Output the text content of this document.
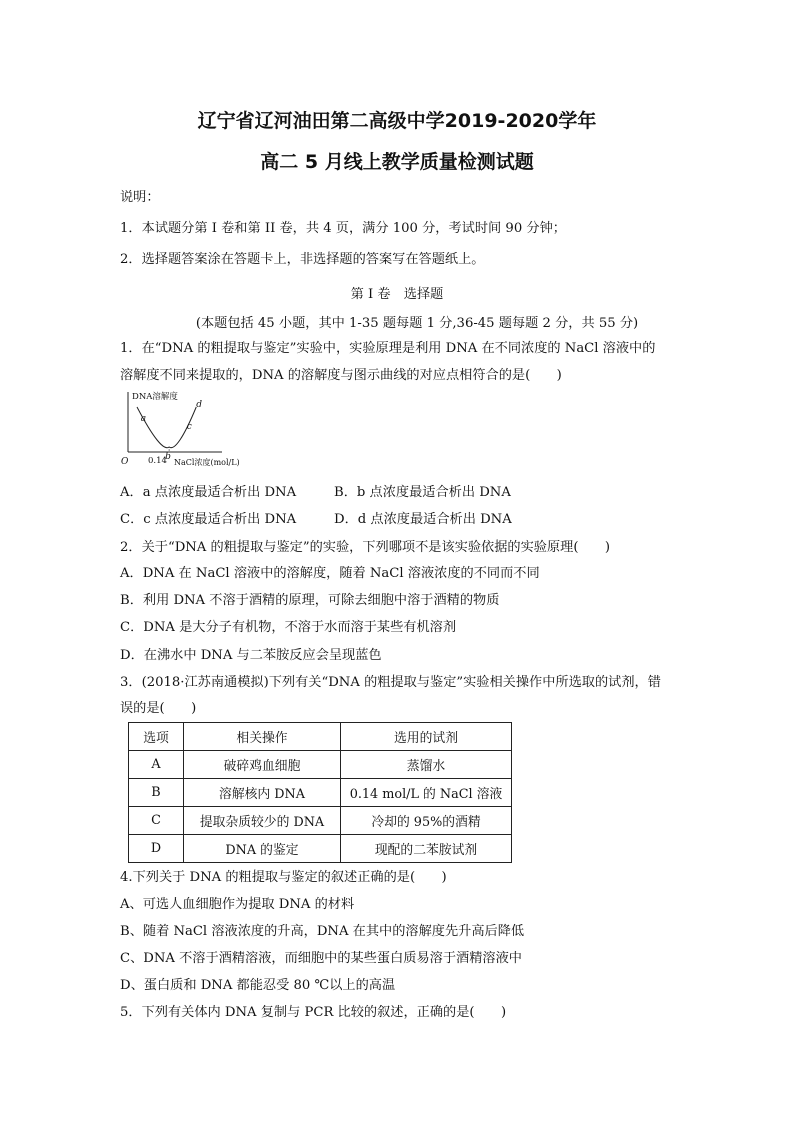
辽宁省辽河油田第二高级中学2019-2020学年
高二 5 月线上教学质量检测试题
说明：
1．本试题分第 I 卷和第 II 卷，共 4 页，满分 100 分，考试时间 90 分钟；
2．选择题答案涂在答题卡上，非选择题的答案写在答题纸上。
第 I 卷　选择题
(本题包括 45 小题，其中 1-35 题每题 1 分,36-45 题每题 2 分，共 55 分)
1．在“DNA 的粗提取与鉴定”实验中，实验原理是利用 DNA 在不同浓度的 NaCl 溶液中的
溶解度不同来提取的，DNA 的溶解度与图示曲线的对应点相符合的是(　　)
DNA溶解度
O 0.14 NaCl浓度(mol/L)
a
b
c
d
A．a 点浓度最适合析出 DNA	B．b 点浓度最适合析出 DNA
C．c 点浓度最适合析出 DNA	D．d 点浓度最适合析出 DNA
2．关于“DNA 的粗提取与鉴定”的实验，下列哪项不是该实验依据的实验原理(　　)
A．DNA 在 NaCl 溶液中的溶解度，随着 NaCl 溶液浓度的不同而不同
B．利用 DNA 不溶于酒精的原理，可除去细胞中溶于酒精的物质
C．DNA 是大分子有机物，不溶于水而溶于某些有机溶剂
D．在沸水中 DNA 与二苯胺反应会呈现蓝色
3．(2018·江苏南通模拟)下列有关“DNA 的粗提取与鉴定”实验相关操作中所选取的试剂，错
误的是(　　)
选项	相关操作	选用的试剂
A	破碎鸡血细胞	蒸馏水
B	溶解核内 DNA	0.14 mol/L 的 NaCl 溶液
C	提取杂质较少的 DNA	冷却的 95%的酒精
D	DNA 的鉴定	现配的二苯胺试剂
4.下列关于 DNA 的粗提取与鉴定的叙述正确的是(　　)
A、可选人血细胞作为提取 DNA 的材料
B、随着 NaCl 溶液浓度的升高，DNA 在其中的溶解度先升高后降低
C、DNA 不溶于酒精溶液，而细胞中的某些蛋白质易溶于酒精溶液中
D、蛋白质和 DNA 都能忍受 80 ℃以上的高温
5．下列有关体内 DNA 复制与 PCR 比较的叙述，正确的是(　　)
